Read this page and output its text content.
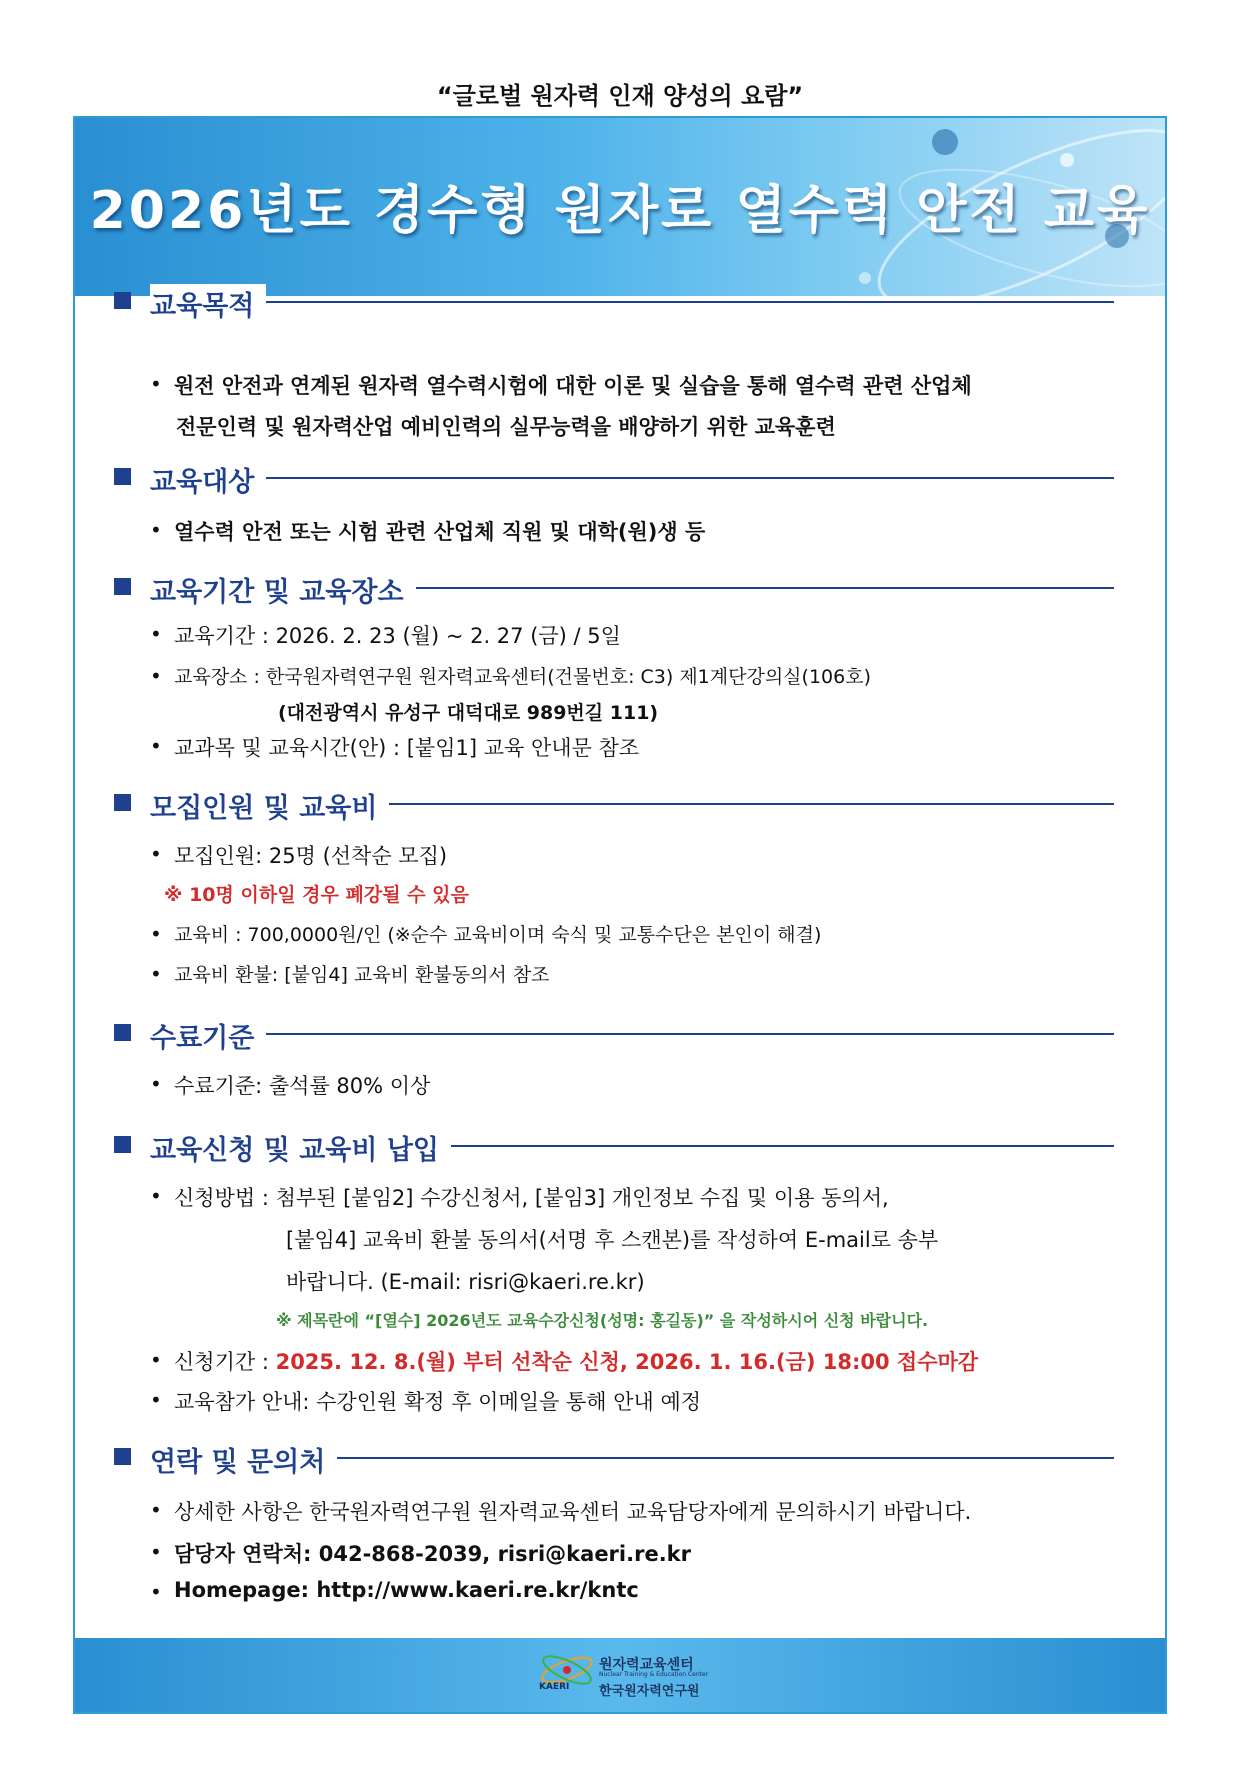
“글로벌 원자력 인재 양성의 요람”
2026년도 경수형 원자로 열수력 안전 교육
원자력교육센터
Nuclear Training & Education Center
KAERI 한국원자력연구원
교육목적
• 원전 안전과 연계된 원자력 열수력시험에 대한 이론 및 실습을 통해 열수력 관련 산업체
전문인력 및 원자력산업 예비인력의 실무능력을 배양하기 위한 교육훈련
교육대상
• 열수력 안전 또는 시험 관련 산업체 직원 및 대학(원)생 등
교육기간 및 교육장소
• 교육기간 : 2026. 2. 23 (월) ~ 2. 27 (금) / 5일
• 교육장소 : 한국원자력연구원 원자력교육센터(건물번호: C3) 제1계단강의실(106호)
(대전광역시 유성구 대덕대로 989번길 111)
• 교과목 및 교육시간(안) : [붙임1] 교육 안내문 참조
모집인원 및 교육비
• 모집인원: 25명 (선착순 모집)
※ 10명 이하일 경우 폐강될 수 있음
• 교육비 : 700,0000원/인 (※순수 교육비이며 숙식 및 교통수단은 본인이 해결)
• 교육비 환불: [붙임4] 교육비 환불동의서 참조
수료기준
• 수료기준: 출석률 80% 이상
교육신청 및 교육비 납입
• 신청방법 : 첨부된 [붙임2] 수강신청서, [붙임3] 개인정보 수집 및 이용 동의서,
[붙임4] 교육비 환불 동의서(서명 후 스캔본)를 작성하여 E-mail로 송부
바랍니다. (E-mail: risri@kaeri.re.kr)
※ 제목란에 “[열수] 2026년도 교육수강신청(성명: 홍길동)” 을 작성하시어 신청 바랍니다.
• 신청기간 : 2025. 12. 8.(월) 부터 선착순 신청, 2026. 1. 16.(금) 18:00 접수마감
• 교육참가 안내: 수강인원 확정 후 이메일을 통해 안내 예정
연락 및 문의처
• 상세한 사항은 한국원자력연구원 원자력교육센터 교육담당자에게 문의하시기 바랍니다.
• 담당자 연락처: 042-868-2039, risri@kaeri.re.kr
• Homepage: http://www.kaeri.re.kr/kntc
